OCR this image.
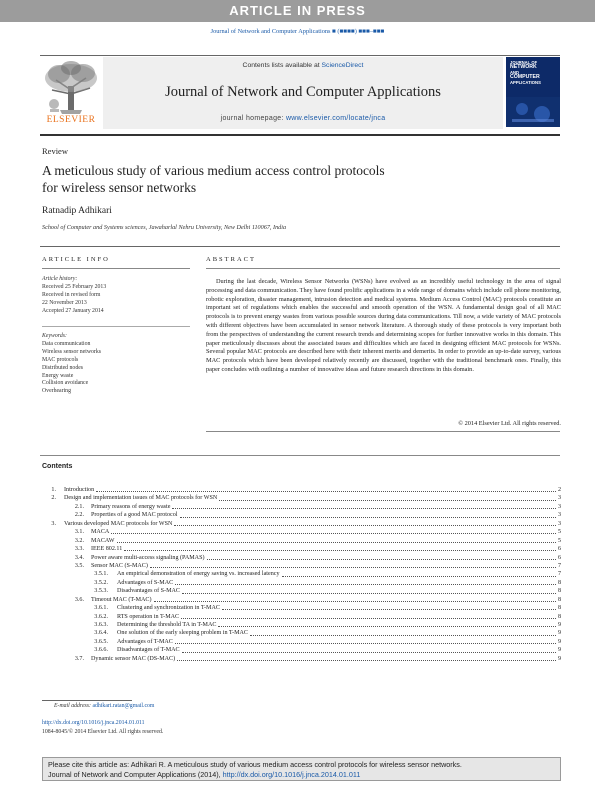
ARTICLE IN PRESS
Journal of Network and Computer Applications ■ (■■■■) ■■■–■■■
ELSEVIER
Contents lists available at ScienceDirect
Journal of Network and Computer Applications
journal homepage: www.elsevier.com/locate/jnca
JOURNAL OF
NETWORK
AND
COMPUTER
APPLICATIONS
Review
A meticulous study of various medium access control protocols
for wireless sensor networks
Ratnadip Adhikari
School of Computer and Systems sciences, Jawaharlal Nehru University, New Delhi 110067, India
ARTICLE INFO	ABSTRACT
Article history:
Received 25 February 2013
Received in revised form
22 November 2013
Accepted 27 January 2014
Keywords:
Data communication
Wireless sensor networks
MAC protocols
Distributed nodes
Energy waste
Collision avoidance
Overhearing
During the last decade, Wireless Sensor Networks (WSNs) have evolved as an incredibly useful technology in the area of signal processing and data communication. They have found prolific applications in a wide range of domains which include cell phone monitoring, robotic exploration, disaster management, intrusion detection and medical systems. Medium Access Control (MAC) protocols constitute an important set of regulations which enables the successful and smooth operation of the WSN. A fundamental design goal of all MAC protocols is to prevent energy wastes from various possible sources during data communications. Till now, a wide variety of MAC protocols with different objectives have been accumulated in sensor network literature. A thorough study of these protocols is very important both from the perspectives of understanding the current research trends and determining scopes for further innovative works in this domain. This paper meticulously discusses about the associated issues and difficulties which are faced in designing efficient MAC protocols for WSNs. Several popular MAC protocols are described here with their inherent merits and demerits. In order to provide an up-to-date survey, various MAC protocols which have been developed relatively recently are discussed, together with the traditional benchmark ones. Finally, this paper concludes with outlining a number of innovative ideas and future research directions in this domain.
© 2014 Elsevier Ltd. All rights reserved.
Contents
1. Introduction	2
2. Design and implementation issues of MAC protocols for WSN	3
2.1. Primary reasons of energy waste	3
2.2. Properties of a good MAC protocol	3
3. Various developed MAC protocols for WSN	3
3.1. MACA	5
3.2. MACAW	5
3.3. IEEE 802.11	6
3.4. Power aware multi-access signaling (PAMAS)	6
3.5. Sensor MAC (S-MAC)	7
3.5.1. An empirical demonstration of energy saving vs. increased latency	7
3.5.2. Advantages of S-MAC	8
3.5.3. Disadvantages of S-MAC	8
3.6. Timeout MAC (T-MAC)	8
3.6.1. Clustering and synchronization in T-MAC	8
3.6.2. RTS operation in T-MAC	8
3.6.3. Determining the threshold TA in T-MAC	9
3.6.4. One solution of the early sleeping problem in T-MAC	9
3.6.5. Advantages of T-MAC	9
3.6.6. Disadvantages of T-MAC	9
3.7. Dynamic sensor MAC (DS-MAC)	9
E-mail address: adhikari.ratan@gmail.com
http://dx.doi.org/10.1016/j.jnca.2014.01.011
1084-8045/© 2014 Elsevier Ltd. All rights reserved.
Please cite this article as: Adhikari R. A meticulous study of various medium access control protocols for wireless sensor networks.
Journal of Network and Computer Applications (2014), http://dx.doi.org/10.1016/j.jnca.2014.01.011
